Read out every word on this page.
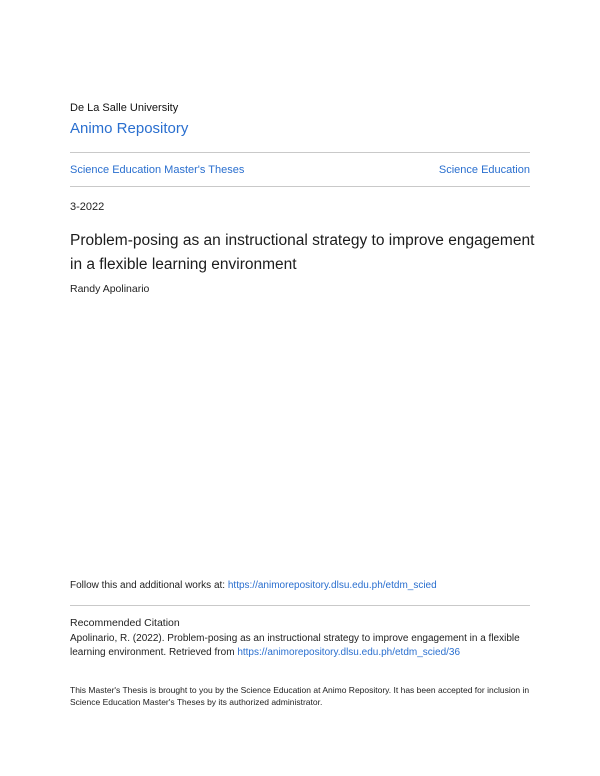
De La Salle University
Animo Repository
Science Education Master's Theses	Science Education
3-2022
Problem-posing as an instructional strategy to improve engagement in a flexible learning environment
Randy Apolinario
Follow this and additional works at: https://animorepository.dlsu.edu.ph/etdm_scied
Recommended Citation
Apolinario, R. (2022). Problem-posing as an instructional strategy to improve engagement in a flexible learning environment. Retrieved from https://animorepository.dlsu.edu.ph/etdm_scied/36
This Master's Thesis is brought to you by the Science Education at Animo Repository. It has been accepted for inclusion in Science Education Master's Theses by its authorized administrator.
